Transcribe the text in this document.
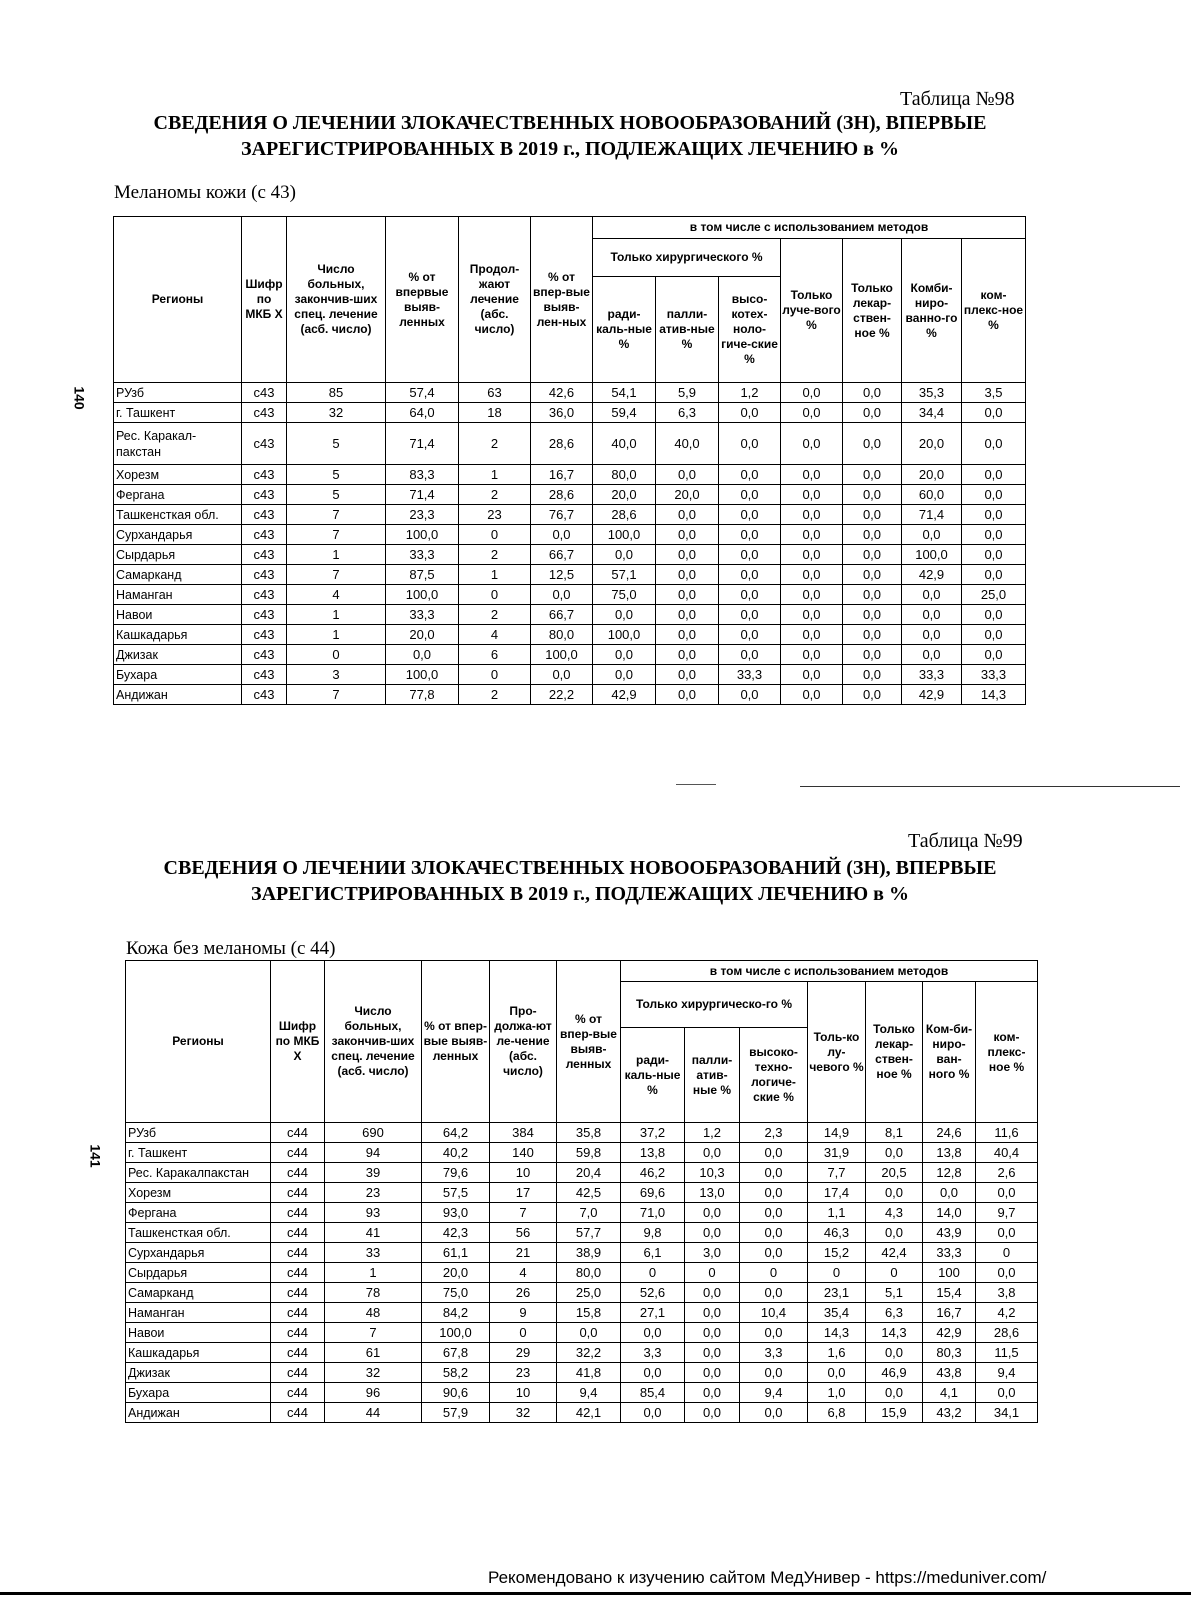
Таблица №98
СВЕДЕНИЯ О ЛЕЧЕНИИ ЗЛОКАЧЕСТВЕННЫХ НОВООБРАЗОВАНИЙ (ЗН), ВПЕРВЫЕ
ЗАРЕГИСТРИРОВАННЫХ В 2019 г., ПОДЛЕЖАЩИХ ЛЕЧЕНИЮ в %
Меланомы кожи (с 43)
140
Регионы	Шифр по МКБ X	Число больных, закончив-ших спец. лечение (асб. число)	% от впервые выяв-ленных	Продол-жают лечение (абс. число)	% от впер-вые выяв-лен-ных	в том числе с использованием методов						
						Только хирургического %			Только луче-вого %	Только лекар-ствен-ное %	Комби-ниро-ванно-го %	ком-плекс-ное %
						ради-каль-ные %	палли-атив-ные %	высо-котех-ноло-гиче-ские %				
РУзб	с43	85	57,4	63	42,6	54,1	5,9	1,2	0,0	0,0	35,3	3,5
г. Ташкент	с43	32	64,0	18	36,0	59,4	6,3	0,0	0,0	0,0	34,4	0,0
Рес. Каракал-пакстан	с43	5	71,4	2	28,6	40,0	40,0	0,0	0,0	0,0	20,0	0,0
Хорезм	с43	5	83,3	1	16,7	80,0	0,0	0,0	0,0	0,0	20,0	0,0
Фергана	с43	5	71,4	2	28,6	20,0	20,0	0,0	0,0	0,0	60,0	0,0
Ташкенсткая обл.	с43	7	23,3	23	76,7	28,6	0,0	0,0	0,0	0,0	71,4	0,0
Сурхандарья	с43	7	100,0	0	0,0	100,0	0,0	0,0	0,0	0,0	0,0	0,0
Сырдарья	с43	1	33,3	2	66,7	0,0	0,0	0,0	0,0	0,0	100,0	0,0
Самарканд	с43	7	87,5	1	12,5	57,1	0,0	0,0	0,0	0,0	42,9	0,0
Наманган	с43	4	100,0	0	0,0	75,0	0,0	0,0	0,0	0,0	0,0	25,0
Навои	с43	1	33,3	2	66,7	0,0	0,0	0,0	0,0	0,0	0,0	0,0
Кашкадарья	с43	1	20,0	4	80,0	100,0	0,0	0,0	0,0	0,0	0,0	0,0
Джизак	с43	0	0,0	6	100,0	0,0	0,0	0,0	0,0	0,0	0,0	0,0
Бухара	с43	3	100,0	0	0,0	0,0	0,0	33,3	0,0	0,0	33,3	33,3
Андижан	с43	7	77,8	2	22,2	42,9	0,0	0,0	0,0	0,0	42,9	14,3
Таблица №99
СВЕДЕНИЯ О ЛЕЧЕНИИ ЗЛОКАЧЕСТВЕННЫХ НОВООБРАЗОВАНИЙ (ЗН), ВПЕРВЫЕ
ЗАРЕГИСТРИРОВАННЫХ В 2019 г., ПОДЛЕЖАЩИХ ЛЕЧЕНИЮ в %
Кожа без меланомы (с 44)
141
Регионы	Шифр по МКБ X	Число больных, закончив-ших спец. лечение (асб. число)	% от впер-вые выяв-ленных	Про-должа-ют ле-чение (абс. число)	% от впер-вые выяв-ленных	в том числе с использованием методов						
						Только хирургическо-го %			Толь-ко лу-чевого %	Только лекар-ствен-ное %	Ком-би-ниро-ван-ного %	ком-плекс-ное %
						ради-каль-ные %	палли-атив-ные %	высоко-техно-логиче-ские %				
РУзб	с44	690	64,2	384	35,8	37,2	1,2	2,3	14,9	8,1	24,6	11,6
г. Ташкент	с44	94	40,2	140	59,8	13,8	0,0	0,0	31,9	0,0	13,8	40,4
Рес. Каракалпакстан	с44	39	79,6	10	20,4	46,2	10,3	0,0	7,7	20,5	12,8	2,6
Хорезм	с44	23	57,5	17	42,5	69,6	13,0	0,0	17,4	0,0	0,0	0,0
Фергана	с44	93	93,0	7	7,0	71,0	0,0	0,0	1,1	4,3	14,0	9,7
Ташкенсткая обл.	с44	41	42,3	56	57,7	9,8	0,0	0,0	46,3	0,0	43,9	0,0
Сурхандарья	с44	33	61,1	21	38,9	6,1	3,0	0,0	15,2	42,4	33,3	0
Сырдарья	с44	1	20,0	4	80,0	0	0	0	0	0	100	0,0
Самарканд	с44	78	75,0	26	25,0	52,6	0,0	0,0	23,1	5,1	15,4	3,8
Наманган	с44	48	84,2	9	15,8	27,1	0,0	10,4	35,4	6,3	16,7	4,2
Навои	с44	7	100,0	0	0,0	0,0	0,0	0,0	14,3	14,3	42,9	28,6
Кашкадарья	с44	61	67,8	29	32,2	3,3	0,0	3,3	1,6	0,0	80,3	11,5
Джизак	с44	32	58,2	23	41,8	0,0	0,0	0,0	0,0	46,9	43,8	9,4
Бухара	с44	96	90,6	10	9,4	85,4	0,0	9,4	1,0	0,0	4,1	0,0
Андижан	с44	44	57,9	32	42,1	0,0	0,0	0,0	6,8	15,9	43,2	34,1
Рекомендовано к изучению сайтом МедУнивер - https://meduniver.com/
